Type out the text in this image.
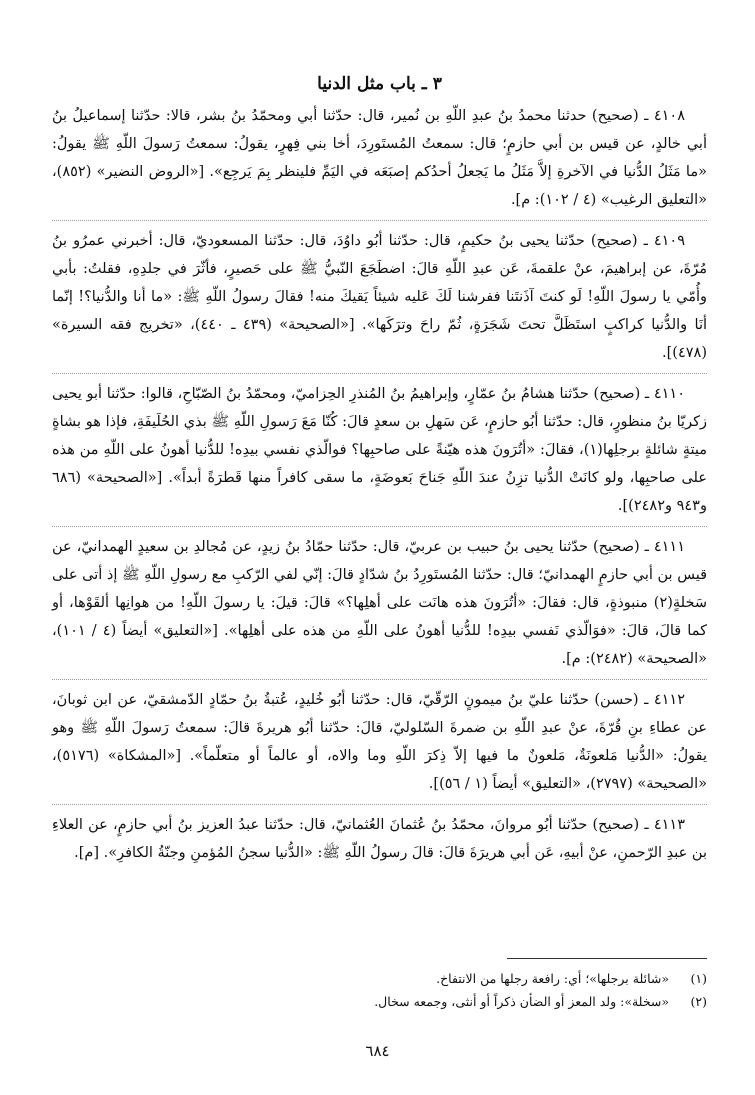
٣ ـ باب مثل الدنيا

٤١٠٨ ـ (صحيح) حدثنا محمدُ بنُ عبدِ اللّهِ بن نُمير، قال: حدّثنا أبي ومحمّدُ بنُ بشر، قالا: حدّثنا إسماعيلُ بنُ أبي خالدٍ، عن قيس بن أبي حازمٍ؛ قال: سمعتُ المُستَورِدَ، أخا بني فِهرٍ، يقولُ: سمعتُ رَسولَ اللّهِ ﷺ يقولُ: «ما مَثَلُ الدُّنيا في الآخرةِ إلاَّ مَثَلُ ما يَجعلُ أحدُكم إصبَعَه في اليَمِّ فلينظر بِمَ يَرجِع». [«الروض النضير» (٨٥٢)، «التعليق الرغيب» (٤ / ١٠٢): م].

٤١٠٩ ـ (صحيح) حدّثنا يحيى بنُ حكيمٍ، قال: حدّثنا أبُو داوُدَ، قال: حدّثنا المسعوديّ، قال: أخبرني عمرُو بنُ مُرّةَ، عن إبراهيمَ، عنْ علقمةَ، عَن عبدِ اللّهِ قالَ: اضطَجَعَ النّبيُّ ﷺ على حَصيرٍ، فأثّرَ في جلدِهِ، فقلتُ: بأبي وأُمّي يا رسولَ اللّهِ! لَو كنتَ آذَنتَنا ففرشنا لَكَ عَليه شيئاً يَقيكَ منه! فقالَ رسولُ اللّهِ ﷺ: «ما أنا والدُّنيا؟! إنّما أنَا والدُّنيا كراكبٍ استَظَلَّ تحتَ شَجَرَةٍ، ثُمّ راحَ وترَكَها». [«الصحيحة» (٤٣٩ ـ ٤٤٠)، «تخريج فقه السيرة» (٤٧٨)].

٤١١٠ ـ (صحيح) حدّثنا هشامُ بنُ عمّارٍ، وإبراهيمُ بنُ المُنذرِ الحِزاميّ، ومحمّدُ بنُ الصّبّاحِ، قالوا: حدّثنا أبو يحيى زكريّا بنُ منظورٍ، قال: حدّثنا أبُو حازمٍ، عَن سَهلِ بن سعدٍ قالَ: كُنّا مَعَ رَسولِ اللّهِ ﷺ بذي الحُلَيفَةِ، فإذا هو بشاةٍ ميتةٍ شائلةٍ برجلِها(١)، فقالَ: «أتُرَونَ هذه هيّنةً على صاحبِها؟ فوالّذي نفسي بيدِه! للدُّنيا أهونُ على اللّهِ من هذه على صاحبِها، ولو كانَتْ الدُّنيا تزِنُ عندَ اللّهِ جَناحَ بَعوضَةٍ، ما سقى كافراً منها قَطرَةً أبداً». [«الصحيحة» (٦٨٦ و٩٤٣ و٢٤٨٢)].

٤١١١ ـ (صحيح) حدّثنا يحيى بنُ حبيب بن عربيّ، قال: حدّثنا حمّادُ بنُ زيدٍ، عن مُجالدِ بن سعيدٍ الهمدانيّ، عن قيس بن أبي حازمٍ الهمدانيّ؛ قال: حدّثنا المُستَورِدُ بنُ شدّادٍ قالَ: إنّي لفي الرّكبِ مع رسولِ اللّهِ ﷺ إذ أتى على سَخلةٍ(٢) منبوذةٍ، قال: فقالَ: «أتُرَونَ هذه هانَت على أهلِها؟» قالَ: قيلَ: يا رسولَ اللّهِ! من هوانِها ألقَوْها، أو كما قالَ، قالَ: «فوَالّذي نَفسي بيدِه! للدُّنيا أهونُ على اللّهِ من هذه على أهلِها». [«التعليق» أيضاً (٤ / ١٠١)، «الصحيحة» (٢٤٨٢): م].

٤١١٢ ـ (حسن) حدّثنا عليّ بنُ ميمونٍ الرّقّيّ، قال: حدّثنا أبُو خُليدٍ، عُتبةُ بنُ حمّادٍ الدّمشقيّ، عن ابن ثوبانَ، عن عطاءِ بنِ قُرّةَ، عنْ عبدِ اللّهِ بن ضمرةَ السّلوليّ، قالَ: حدّثنا أبُو هريرةَ قالَ: سمعتُ رَسولَ اللّهِ ﷺ وهو يقولُ: «الدُّنيا مَلعونَةٌ، مَلعونٌ ما فيها إلاّ ذِكرَ اللّهِ وما والاه، أو عالماً أو متعلّماً». [«المشكاة» (٥١٧٦)، «الصحيحة» (٢٧٩٧)، «التعليق» أيضاً (١ / ٥٦)].

٤١١٣ ـ (صحيح) حدّثنا أبُو مروانَ، محمّدُ بنُ عُثمانَ العُثمانيّ، قال: حدّثنا عبدُ العزيز بنُ أبي حازمٍ، عن العلاءِ بن عبدِ الرّحمنِ، عنْ أبيهِ، عَن أبي هريرَةَ قالَ: قالَ رسولُ اللّهِ ﷺ: «الدُّنيا سجنُ المُؤمنِ وجنّةُ الكافرِ». [م].

(١) «شائلة برجلها»؛ أي: رافعة رجلها من الانتفاخ.

(٢) «سخلة»: ولد المعز أو الضأن ذكراً أو أنثى، وجمعه سخال.

٦٨٤
